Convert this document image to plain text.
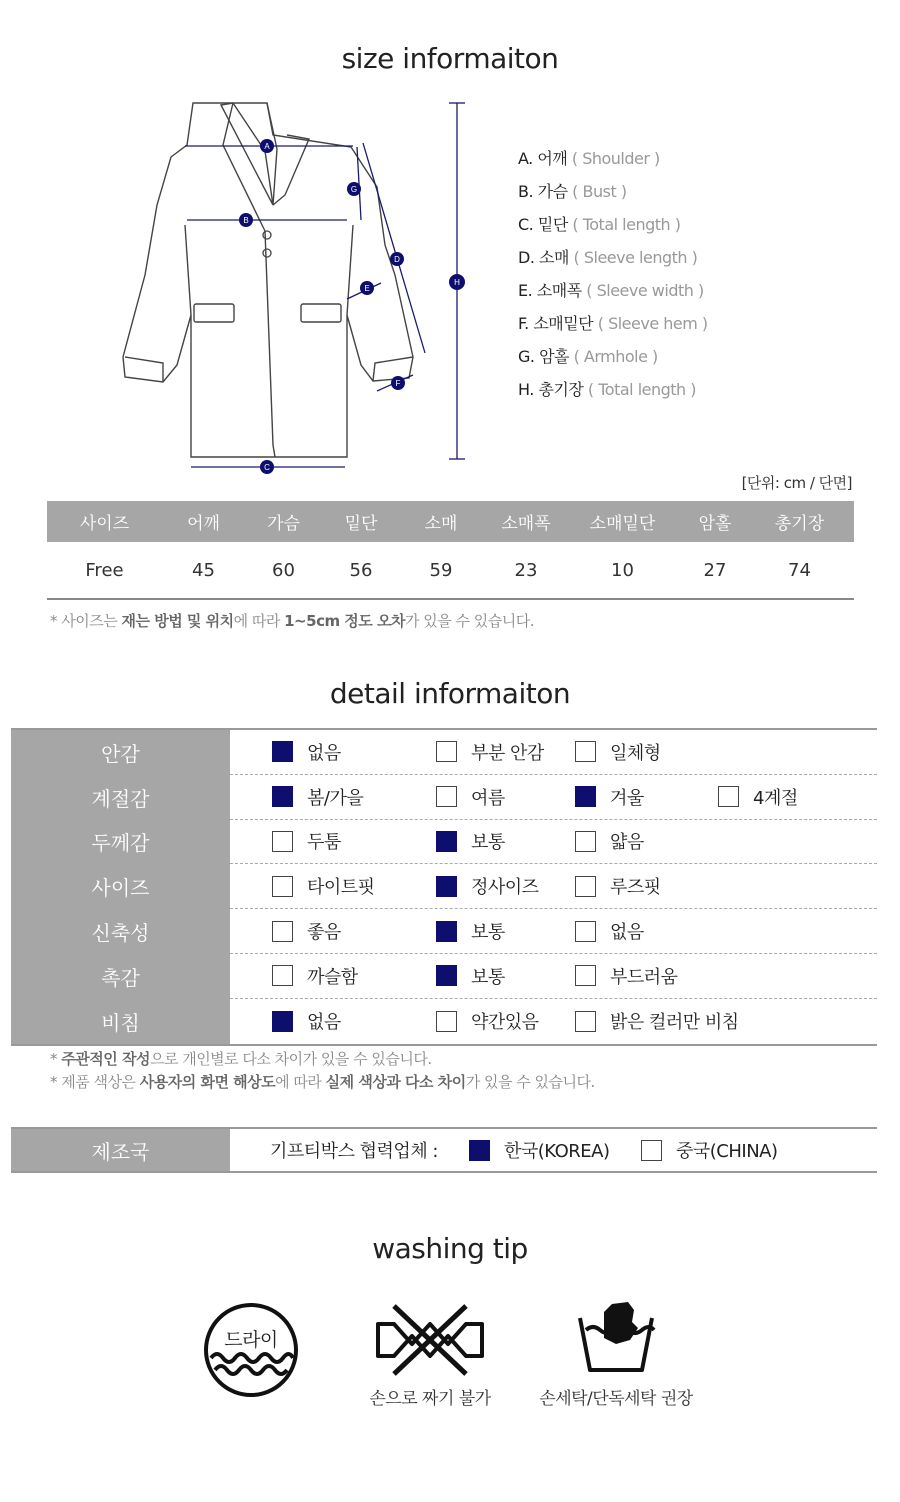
size informaiton
A
B
C
D
E
F
G
H
A. 어깨 ( Shoulder )
B. 가슴 ( Bust )
C. 밑단 ( Total length )
D. 소매 ( Sleeve length )
E. 소매폭 ( Sleeve width )
F. 소매밑단 ( Sleeve hem )
G. 암홀 ( Armhole )
H. 총기장 ( Total length )
[단위: cm / 단면]
사이즈	어깨	가슴	밑단	소매	소매폭	소매밑단	암홀	총기장
Free	45	60	56	59	23	10	27	74
* 사이즈는 재는 방법 및 위치에 따라 1~5cm 정도 오차가 있을 수 있습니다.
detail informaiton
안감	없음	부분 안감	일체형
계절감	봄/가을	여름	겨울	4계절
두께감	두툼	보통	얇음
사이즈	타이트핏	정사이즈	루즈핏
신축성	좋음	보통	없음
촉감	까슬함	보통	부드러움
비침	없음	약간있음	밝은 컬러만 비침
* 주관적인 작성으로 개인별로 다소 차이가 있을 수 있습니다.
* 제품 색상은 사용자의 화면 해상도에 따라 실제 색상과 다소 차이가 있을 수 있습니다.
제조국	기프티박스 협력업체 :	한국(KOREA)	중국(CHINA)
washing tip
드라이
손으로 짜기 불가	손세탁/단독세탁 권장
